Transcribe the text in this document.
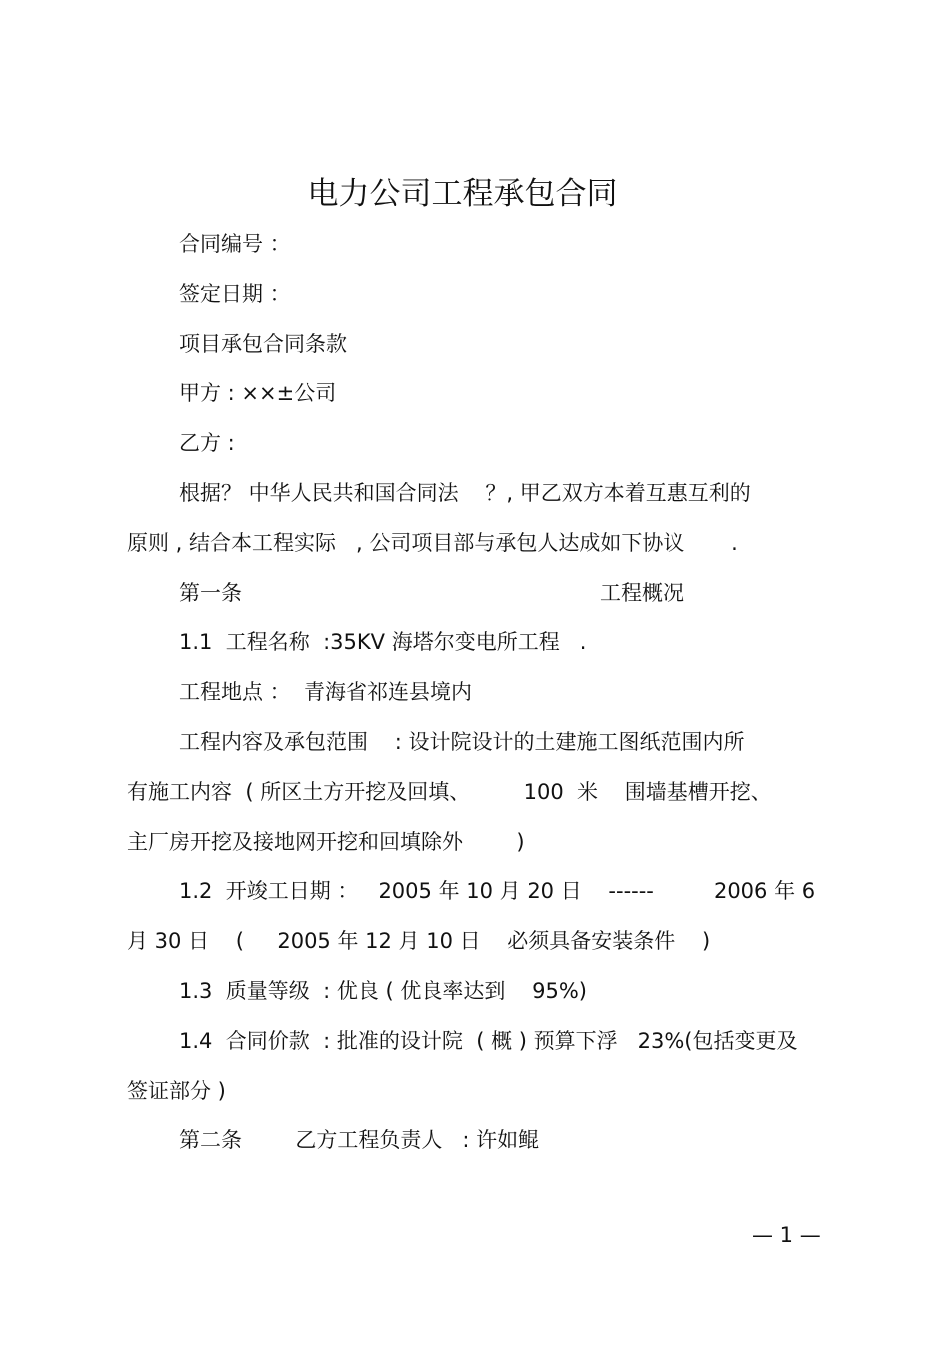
电力公司工程承包合同

合同编号 ：

签定日期 ：

项目承包合同条款

甲方 : ××±公司

乙方 :

根据？ 中华人民共和国合同法    ？, 甲乙双方本着互惠互利的

原则 , 结合本工程实际   , 公司项目部与承包人达成如下协议       .

第一条	工程概况

1.1  工程名称  :35KV 海塔尔变电所工程   .

工程地点 ：  青海省祁连县境内

工程内容及承包范围    : 设计院设计的土建施工图纸范围内所

有施工内容  ( 所区土方开挖及回填、        100  米    围墙基槽开挖、

主厂房开挖及接地网开挖和回填除外        )

1.2  开竣工日期 ：   2005 年 10 月 20 日    ------         2006 年 6

月 30 日    (     2005 年 12 月 10 日    必须具备安装条件    )

1.3  质量等级  : 优良 ( 优良率达到    95%)

1.4  合同价款  : 批准的设计院  ( 概 ) 预算下浮   23%(包括变更及

签证部分 )

第二条        乙方工程负责人   : 许如鲲

— 1 —
